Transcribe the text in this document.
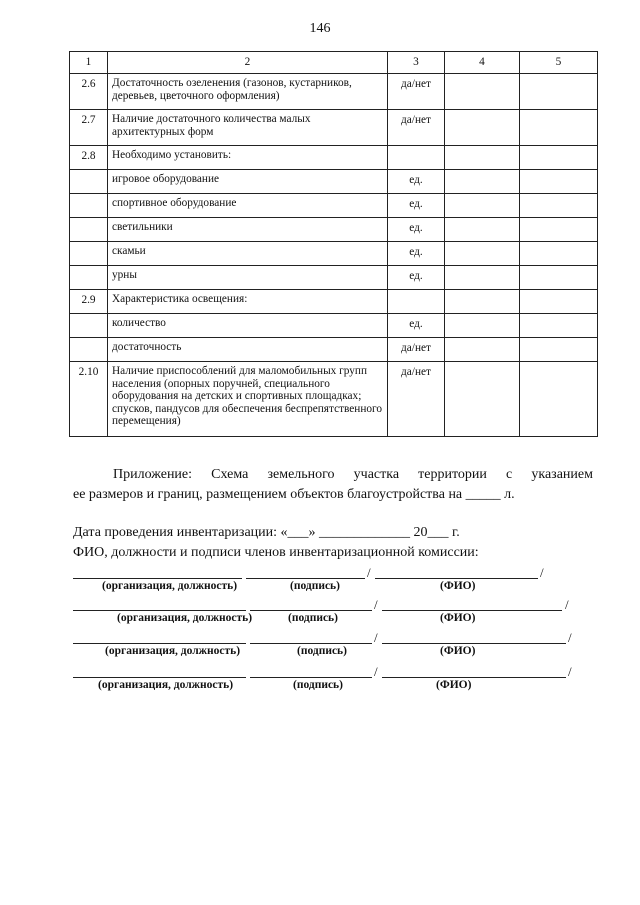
146
1	2	3	4	5
2.6	Достаточность озеленения (газонов, кустарников, деревьев, цветочного оформления)	да/нет		
2.7	Наличие достаточного количества малых архитектурных форм	да/нет		
2.8	Необходимо установить:			
	игровое оборудование	ед.		
	спортивное оборудование	ед.		
	светильники	ед.		
	скамьи	ед.		
	урны	ед.		
2.9	Характеристика освещения:			
	количество	ед.		
	достаточность	да/нет		
2.10	Наличие приспособлений для маломобильных групп населения (опорных поручней, специального оборудования на детских и спортивных площадках; спусков, пандусов для обеспечения беспрепятственного перемещения)	да/нет		
Приложение: Схема земельного участка территории с указанием
ее размеров и границ, размещением объектов благоустройства на _____ л.
Дата проведения инвентаризации: «___» _____________ 20___ г.
ФИО, должности и подписи членов инвентаризационной комиссии:
/	/
(организация, должность)	(подпись)	(ФИО)
/	/
(организация, должность)	(подпись)	(ФИО)
/	/
(организация, должность)	(подпись)	(ФИО)
/	/
(организация, должность)	(подпись)	(ФИО)
